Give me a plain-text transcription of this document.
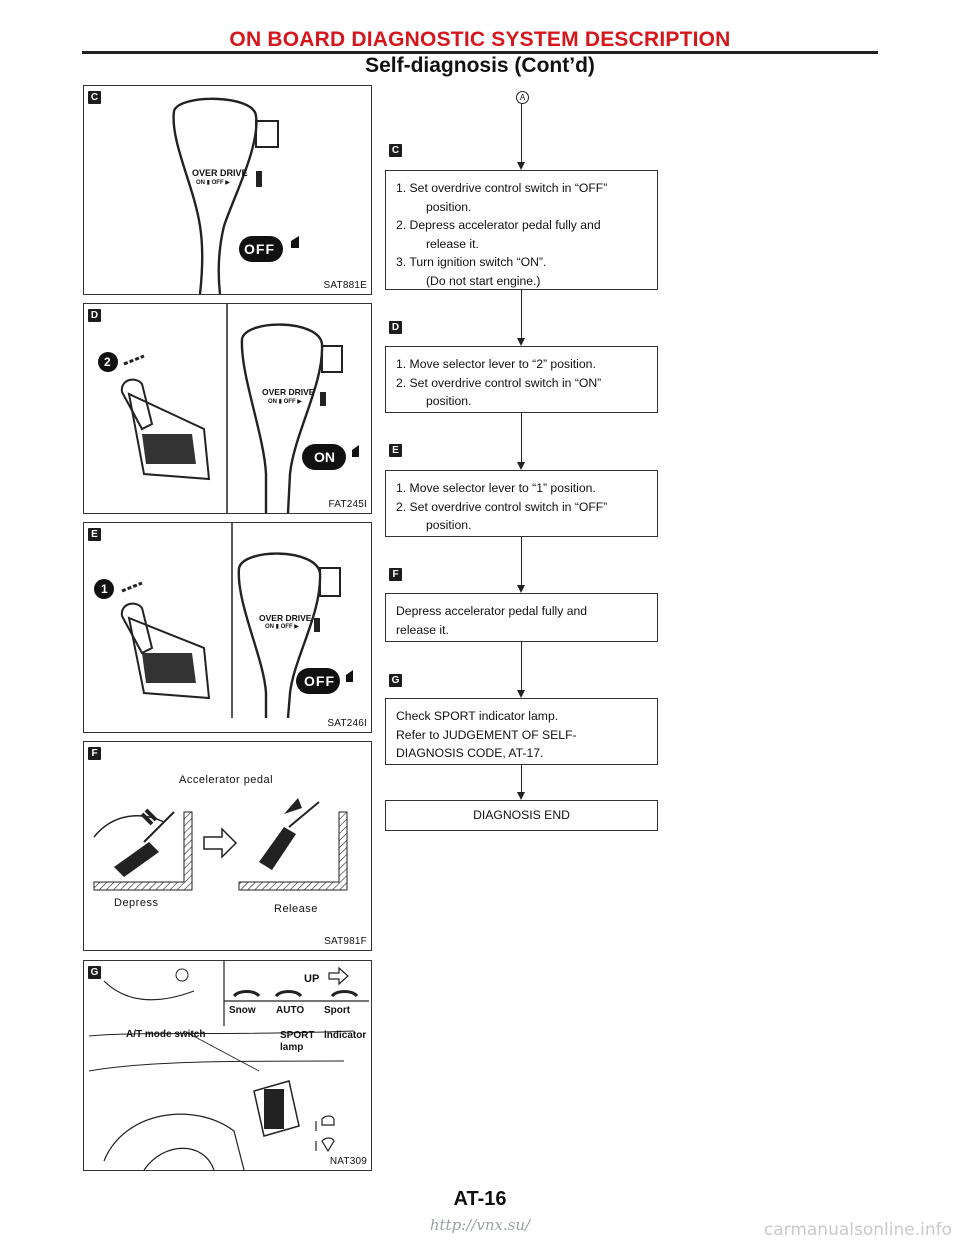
ON BOARD DIAGNOSTIC SYSTEM DESCRIPTION
Self-diagnosis (Cont’d)
C
OVER DRIVE
ON ▮ OFF ▶
OFF
SAT881E
D
2
OVER DRIVE
ON ▮ OFF ▶
ON
FAT245I
E
1
OVER DRIVE
ON ▮ OFF ▶
OFF
SAT246I
F
Accelerator pedal
Depress	Release
SAT981F
G
UP
Snow AUTO Sport
A/T mode switch	SPORT
lamp
indicator
NAT309
A
C
1. Set overdrive control switch in “OFF”
position.
2. Depress accelerator pedal fully and
release it.
3. Turn ignition switch “ON”.
(Do not start engine.)
D
1. Move selector lever to “2” position.
2. Set overdrive control switch in “ON”
position.
E
1. Move selector lever to “1” position.
2. Set overdrive control switch in “OFF”
position.
F
Depress accelerator pedal fully and
release it.
G
Check SPORT indicator lamp.
Refer to JUDGEMENT OF SELF-
DIAGNOSIS CODE, AT-17.
DIAGNOSIS END
AT-16
http://vnx.su/	carmanualsonline.info
